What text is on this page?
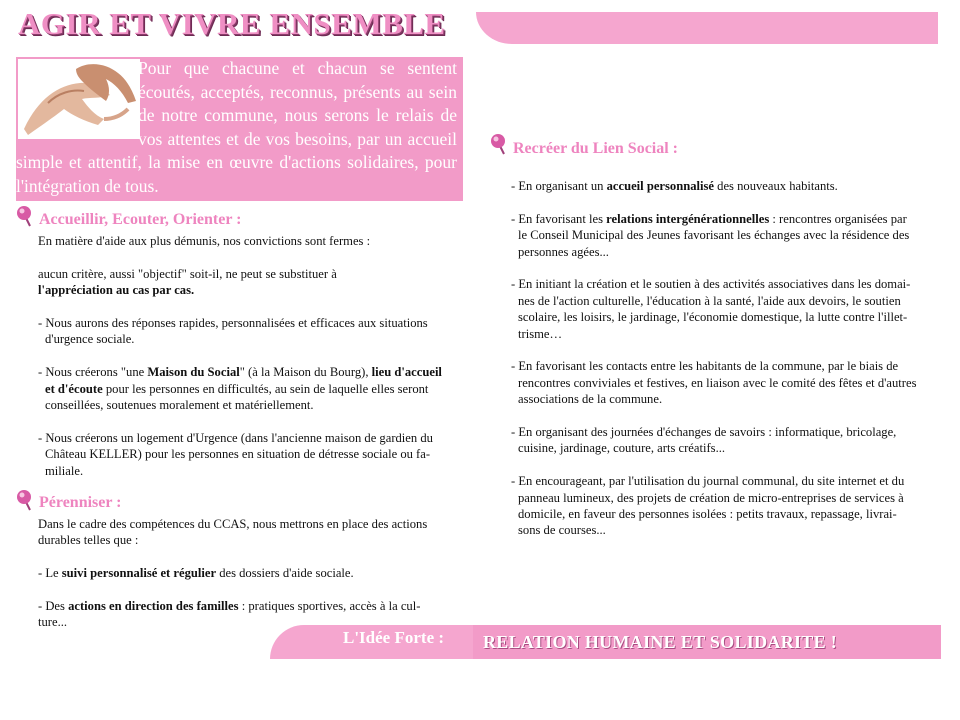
AGIR ET VIVRE ENSEMBLE
Pour que chacune et chacun se sentent écoutés, acceptés, reconnus, présents au sein de notre commune, nous serons le relais de vos attentes et de vos besoins, par un accueil simple et attentif, la mise en œuvre d'actions solidaires, pour l'intégration de tous.
Accueillir, Ecouter, Orienter :

En matière d'aide aux plus démunis, nos convictions sont fermes :

aucun critère, aussi "objectif" soit-il, ne peut se substituer à

l'appréciation au cas par cas.

- Nous aurons des réponses rapides, personnalisées et efficaces aux situations

d'urgence sociale.

- Nous créerons "une Maison du Social" (à la Maison du Bourg), lieu d'accueil

et d'écoute pour les personnes en difficultés, au sein de laquelle elles seront

conseillées, soutenues moralement et matériellement.

- Nous créerons un logement d'Urgence (dans l'ancienne maison de gardien du

Château KELLER) pour les personnes en situation de détresse sociale ou fa-

miliale.

Pérenniser :

Dans le cadre des compétences du CCAS, nous mettrons en place des actions

durables telles que :

- Le suivi personnalisé et régulier des dossiers d'aide sociale.

- Des actions en direction des familles : pratiques sportives, accès à la cul-

ture...

Recréer du Lien Social :

- En organisant un accueil personnalisé des nouveaux habitants.

- En favorisant les relations intergénérationnelles : rencontres organisées par

le Conseil Municipal des Jeunes favorisant les échanges avec la résidence des

personnes agées...

- En initiant la création et le soutien à des activités associatives dans les domai-

nes de l'action culturelle, l'éducation à la santé, l'aide aux devoirs, le soutien

scolaire, les loisirs, le jardinage, l'économie domestique, la lutte contre l'illet-

trisme…

- En favorisant les contacts entre les habitants de la commune, par le biais de

rencontres conviviales et festives, en liaison avec le comité des fêtes et d'autres

associations de la commune.

- En organisant des journées d'échanges de savoirs : informatique, bricolage,

cuisine, jardinage, couture, arts créatifs...

- En encourageant, par l'utilisation du journal communal, du site internet et du

panneau lumineux, des projets de création de micro-entreprises de services à

domicile, en faveur des personnes isolées : petits travaux, repassage, livrai-

sons de courses...

L'Idée Forte :	RELATION HUMAINE ET SOLIDARITE !
